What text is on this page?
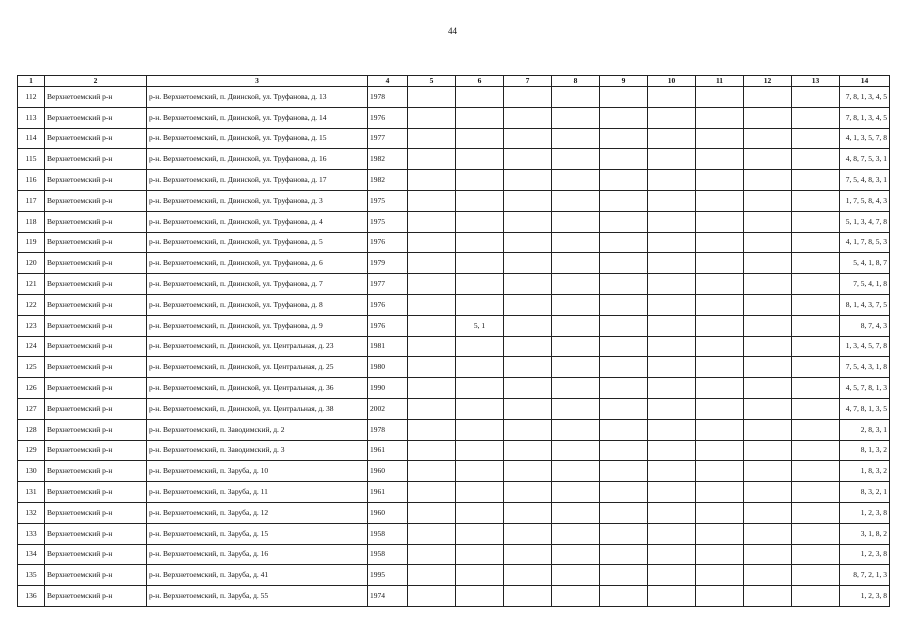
44
1	2	3	4	5	6	7	8	9	10	11	12	13	14
112	Верхнетоемский р-н	р-н. Верхнетоемский, п. Двинской, ул. Труфанова, д. 13	1978										7, 8, 1, 3, 4, 5
113	Верхнетоемский р-н	р-н. Верхнетоемский, п. Двинской, ул. Труфанова, д. 14	1976										7, 8, 1, 3, 4, 5
114	Верхнетоемский р-н	р-н. Верхнетоемский, п. Двинской, ул. Труфанова, д. 15	1977										4, 1, 3, 5, 7, 8
115	Верхнетоемский р-н	р-н. Верхнетоемский, п. Двинской, ул. Труфанова, д. 16	1982										4, 8, 7, 5, 3, 1
116	Верхнетоемский р-н	р-н. Верхнетоемский, п. Двинской, ул. Труфанова, д. 17	1982										7, 5, 4, 8, 3, 1
117	Верхнетоемский р-н	р-н. Верхнетоемский, п. Двинской, ул. Труфанова, д. 3	1975										1, 7, 5, 8, 4, 3
118	Верхнетоемский р-н	р-н. Верхнетоемский, п. Двинской, ул. Труфанова, д. 4	1975										5, 1, 3, 4, 7, 8
119	Верхнетоемский р-н	р-н. Верхнетоемский, п. Двинской, ул. Труфанова, д. 5	1976										4, 1, 7, 8, 5, 3
120	Верхнетоемский р-н	р-н. Верхнетоемский, п. Двинской, ул. Труфанова, д. 6	1979										5, 4, 1, 8, 7
121	Верхнетоемский р-н	р-н. Верхнетоемский, п. Двинской, ул. Труфанова, д. 7	1977										7, 5, 4, 1, 8
122	Верхнетоемский р-н	р-н. Верхнетоемский, п. Двинской, ул. Труфанова, д. 8	1976										8, 1, 4, 3, 7, 5
123	Верхнетоемский р-н	р-н. Верхнетоемский, п. Двинской, ул. Труфанова, д. 9	1976		5, 1								8, 7, 4, 3
124	Верхнетоемский р-н	р-н. Верхнетоемский, п. Двинской, ул. Центральная, д. 23	1981										1, 3, 4, 5, 7, 8
125	Верхнетоемский р-н	р-н. Верхнетоемский, п. Двинской, ул. Центральная, д. 25	1980										7, 5, 4, 3, 1, 8
126	Верхнетоемский р-н	р-н. Верхнетоемский, п. Двинской, ул. Центральная, д. 36	1990										4, 5, 7, 8, 1, 3
127	Верхнетоемский р-н	р-н. Верхнетоемский, п. Двинской, ул. Центральная, д. 38	2002										4, 7, 8, 1, 3, 5
128	Верхнетоемский р-н	р-н. Верхнетоемский, п. Заводимский, д. 2	1978										2, 8, 3, 1
129	Верхнетоемский р-н	р-н. Верхнетоемский, п. Заводимский, д. 3	1961										8, 1, 3, 2
130	Верхнетоемский р-н	р-н. Верхнетоемский, п. Заруба, д. 10	1960										1, 8, 3, 2
131	Верхнетоемский р-н	р-н. Верхнетоемский, п. Заруба, д. 11	1961										8, 3, 2, 1
132	Верхнетоемский р-н	р-н. Верхнетоемский, п. Заруба, д. 12	1960										1, 2, 3, 8
133	Верхнетоемский р-н	р-н. Верхнетоемский, п. Заруба, д. 15	1958										3, 1, 8, 2
134	Верхнетоемский р-н	р-н. Верхнетоемский, п. Заруба, д. 16	1958										1, 2, 3, 8
135	Верхнетоемский р-н	р-н. Верхнетоемский, п. Заруба, д. 41	1995										8, 7, 2, 1, 3
136	Верхнетоемский р-н	р-н. Верхнетоемский, п. Заруба, д. 55	1974										1, 2, 3, 8
